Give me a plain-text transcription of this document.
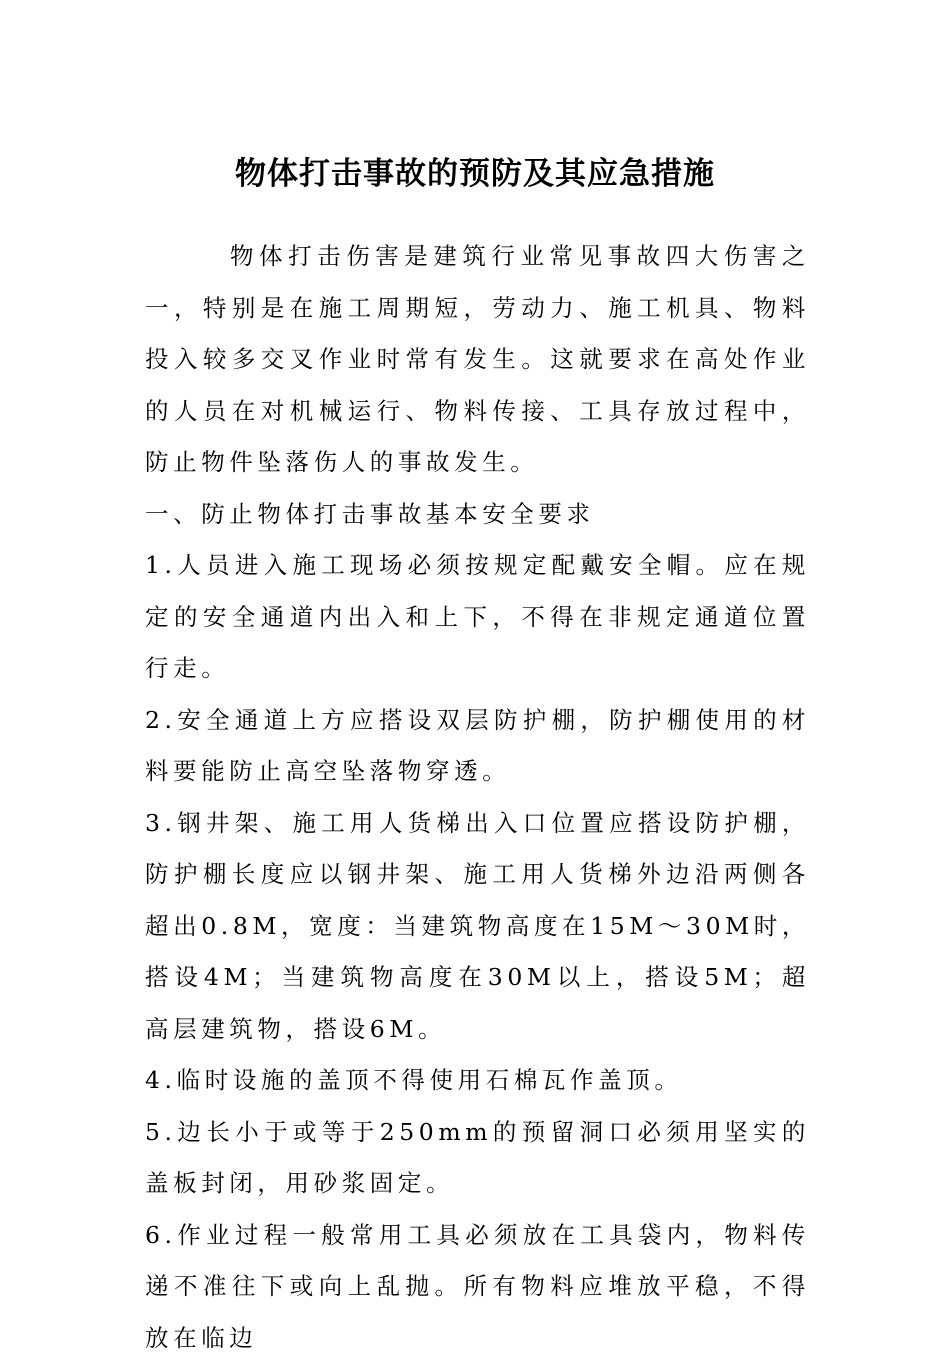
物体打击事故的预防及其应急措施

物体打击伤害是建筑行业常见事故四大伤害之一，特别是在施工周期短，劳动力、施工机具、物料投入较多交叉作业时常有发生。这就要求在高处作业的人员在对机械运行、物料传接、工具存放过程中，防止物件坠落伤人的事故发生。

一、防止物体打击事故基本安全要求

1.人员进入施工现场必须按规定配戴安全帽。应在规定的安全通道内出入和上下，不得在非规定通道位置行走。

2.安全通道上方应搭设双层防护棚，防护棚使用的材料要能防止高空坠落物穿透。

3.钢井架、施工用人货梯出入口位置应搭设防护棚，防护棚长度应以钢井架、施工用人货梯外边沿两侧各超出0.8M，宽度：当建筑物高度在15M～30M时，搭设4M；当建筑物高度在30M以上，搭设5M；超高层建筑物，搭设6M。

4.临时设施的盖顶不得使用石棉瓦作盖顶。

5.边长小于或等于250mm的预留洞口必须用坚实的盖板封闭，用砂浆固定。

6.作业过程一般常用工具必须放在工具袋内，物料传递不准往下或向上乱抛。所有物料应堆放平稳，不得放在临边
